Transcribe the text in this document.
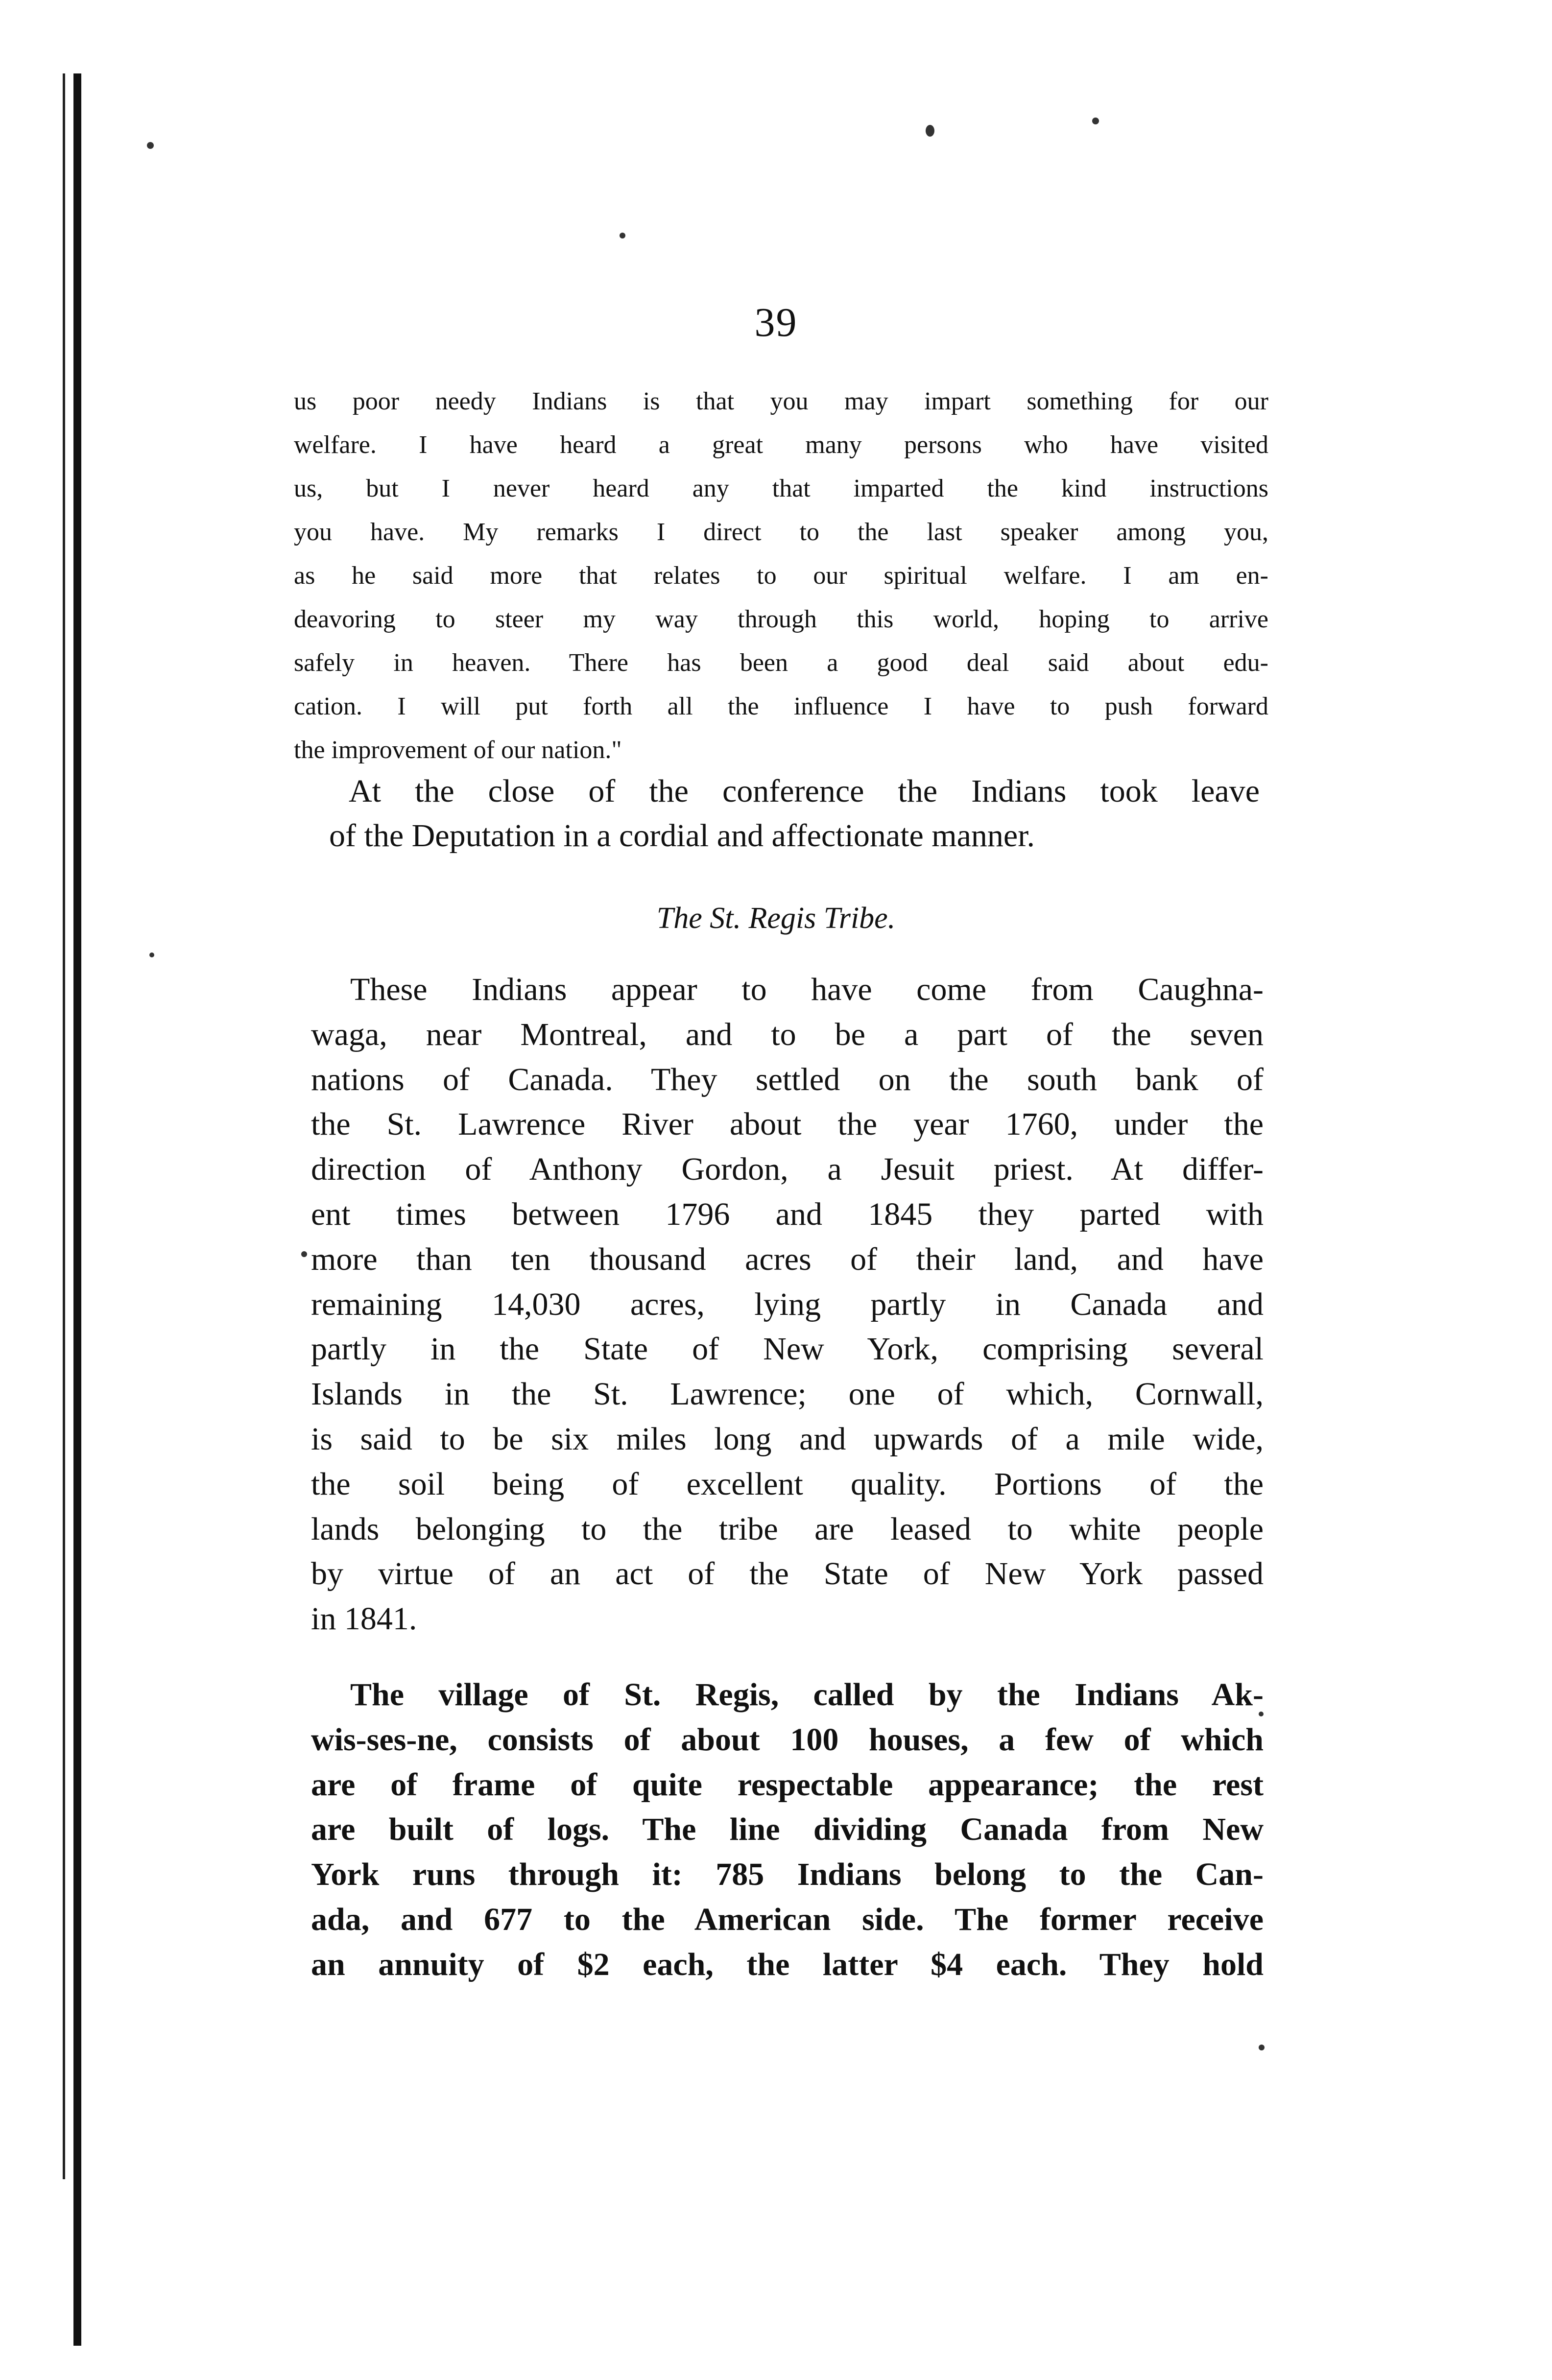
39
us poor needy Indians is that you may impart something for our
welfare. I have heard a great many persons who have visited
us, but I never heard any that imparted the kind instructions
you have. My remarks I direct to the last speaker among you,
as he said more that relates to our spiritual welfare. I am en-
deavoring to steer my way through this world, hoping to arrive
safely in heaven. There has been a good deal said about edu-
cation. I will put forth all the influence I have to push forward
the improvement of our nation."
At the close of the conference the Indians took leave
of the Deputation in a cordial and affectionate manner.
The St. Regis Tribe.
These Indians appear to have come from Caughna-
waga, near Montreal, and to be a part of the seven
nations of Canada. They settled on the south bank of
the St. Lawrence River about the year 1760, under the
direction of Anthony Gordon, a Jesuit priest. At differ-
ent times between 1796 and 1845 they parted with
more than ten thousand acres of their land, and have
remaining 14,030 acres, lying partly in Canada and
partly in the State of New York, comprising several
Islands in the St. Lawrence; one of which, Cornwall,
is said to be six miles long and upwards of a mile wide,
the soil being of excellent quality. Portions of the
lands belonging to the tribe are leased to white people
by virtue of an act of the State of New York passed
in 1841.
The village of St. Regis, called by the Indians Ak-
wis-ses-ne, consists of about 100 houses, a few of which
are of frame of quite respectable appearance; the rest
are built of logs. The line dividing Canada from New
York runs through it: 785 Indians belong to the Can-
ada, and 677 to the American side. The former receive
an annuity of $2 each, the latter $4 each. They hold
